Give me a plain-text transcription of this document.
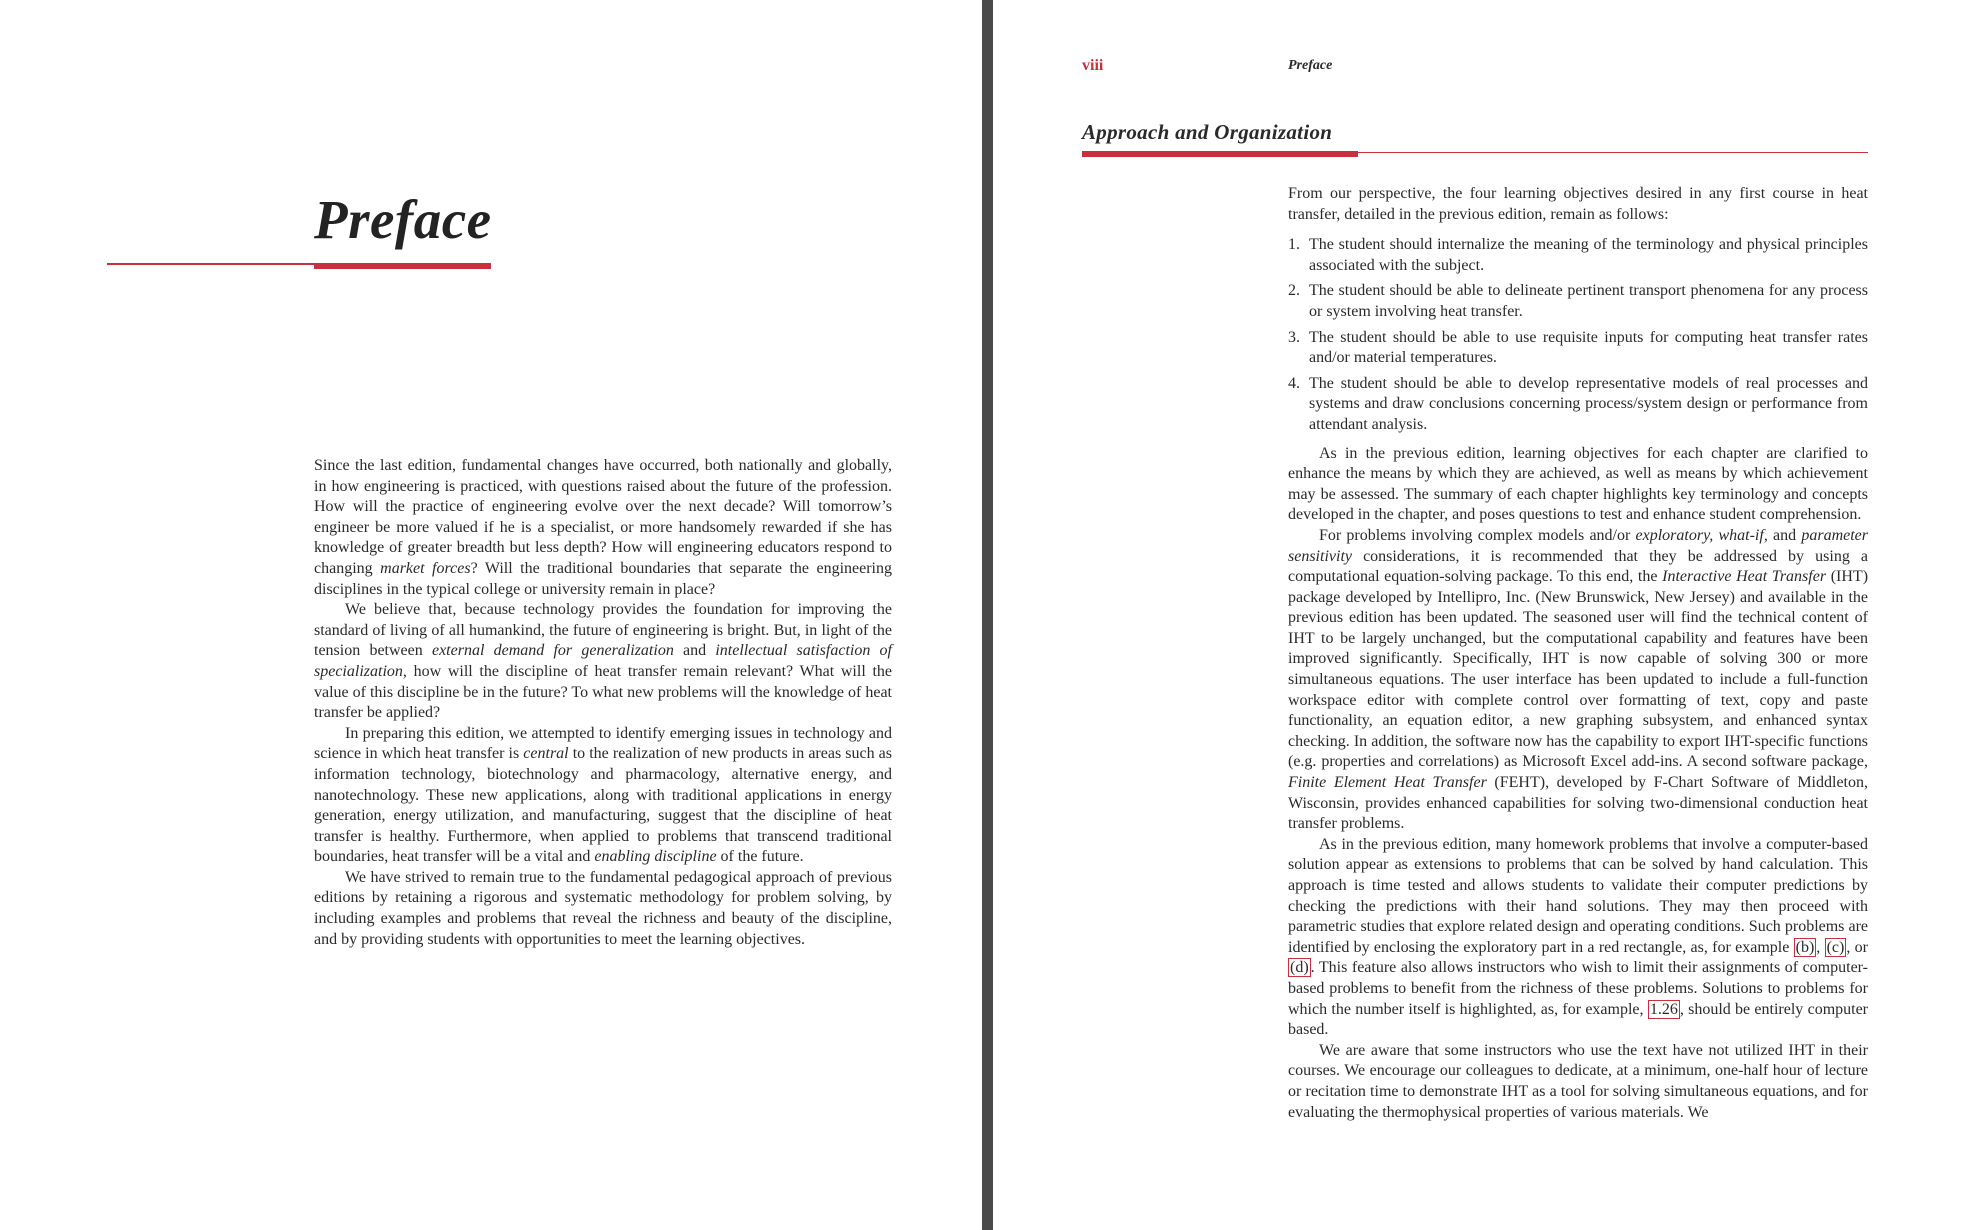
Preface

Since the last edition, fundamental changes have occurred, both nationally and globally, in how engineering is practiced, with questions raised about the future of the profession. How will the practice of engineering evolve over the next decade? Will tomorrow’s engineer be more valued if he is a specialist, or more handsomely rewarded if she has knowledge of greater breadth but less depth? How will engineering educators respond to changing market forces? Will the traditional boundaries that separate the engineering disciplines in the typical college or university remain in place?

We believe that, because technology provides the foundation for improving the standard of living of all humankind, the future of engineering is bright. But, in light of the tension between external demand for generalization and intellectual satisfaction of specialization, how will the discipline of heat transfer remain relevant? What will the value of this discipline be in the future? To what new problems will the knowledge of heat transfer be applied?

In preparing this edition, we attempted to identify emerging issues in technology and science in which heat transfer is central to the realization of new products in areas such as information technology, biotechnology and pharmacology, alternative energy, and nanotechnology. These new applications, along with traditional applications in energy generation, energy utilization, and manufacturing, suggest that the discipline of heat transfer is healthy. Furthermore, when applied to problems that transcend traditional boundaries, heat transfer will be a vital and enabling discipline of the future.

We have strived to remain true to the fundamental pedagogical approach of previous editions by retaining a rigorous and systematic methodology for problem solving, by including examples and problems that reveal the richness and beauty of the discipline, and by providing students with opportunities to meet the learning objectives.

viii	Preface
Approach and Organization

From our perspective, the four learning objectives desired in any first course in heat transfer, detailed in the previous edition, remain as follows:

1. The student should internalize the meaning of the terminology and physical principles associated with the subject.
2. The student should be able to delineate pertinent transport phenomena for any process or system involving heat transfer.
3. The student should be able to use requisite inputs for computing heat transfer rates and/or material temperatures.
4. The student should be able to develop representative models of real processes and systems and draw conclusions concerning process/system design or performance from attendant analysis.

As in the previous edition, learning objectives for each chapter are clarified to enhance the means by which they are achieved, as well as means by which achievement may be assessed. The summary of each chapter highlights key terminology and concepts developed in the chapter, and poses questions to test and enhance student comprehension.

For problems involving complex models and/or exploratory, what-if, and parameter sensitivity considerations, it is recommended that they be addressed by using a computational equation-solving package. To this end, the Interactive Heat Transfer (IHT) package developed by Intellipro, Inc. (New Brunswick, New Jersey) and available in the previous edition has been updated. The seasoned user will find the technical content of IHT to be largely unchanged, but the computational capability and features have been improved significantly. Specifically, IHT is now capable of solving 300 or more simultaneous equations. The user interface has been updated to include a full-function workspace editor with complete control over formatting of text, copy and paste functionality, an equation editor, a new graphing subsystem, and enhanced syntax checking. In addition, the software now has the capability to export IHT-specific functions (e.g. properties and correlations) as Microsoft Excel add-ins. A second software package, Finite Element Heat Transfer (FEHT), developed by F-Chart Software of Middleton, Wisconsin, provides enhanced capabilities for solving two-dimensional conduction heat transfer problems.

As in the previous edition, many homework problems that involve a computer-based solution appear as extensions to problems that can be solved by hand calculation. This approach is time tested and allows students to validate their computer predictions by checking the predictions with their hand solutions. They may then proceed with parametric studies that explore related design and operating conditions. Such problems are identified by enclosing the exploratory part in a red rectangle, as, for example (b) , (c) , or (d) . This feature also allows instructors who wish to limit their assignments of computer-based problems to benefit from the richness of these problems. Solutions to problems for which the number itself is highlighted, as, for example, 1.26 , should be entirely computer based.

We are aware that some instructors who use the text have not utilized IHT in their courses. We encourage our colleagues to dedicate, at a minimum, one-half hour of lecture or recitation time to demonstrate IHT as a tool for solving simultaneous equations, and for evaluating the thermophysical properties of various materials. We
